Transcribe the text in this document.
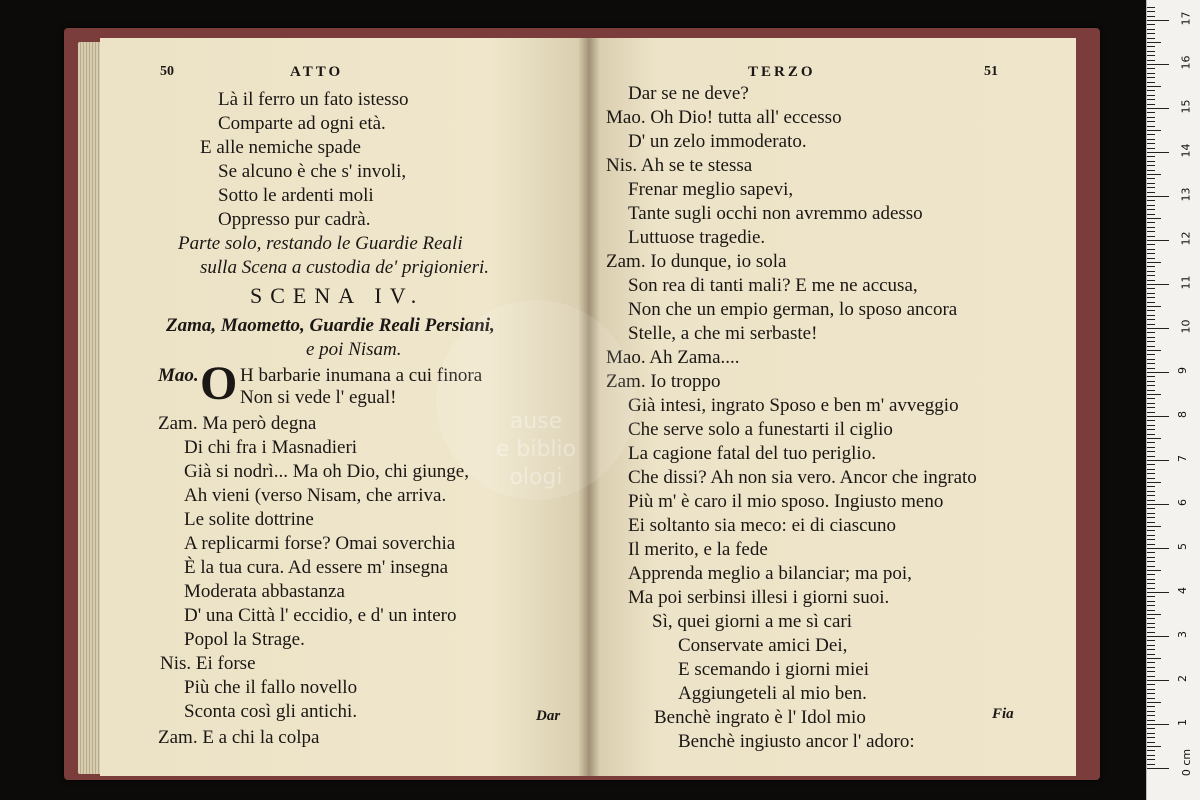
50	ATTO
Là il ferro un fato istesso
Comparte ad ogni età.
E alle nemiche spade
Se alcuno è che s' involi,
Sotto le ardenti moli
Oppresso pur cadrà.
Parte solo, restando le Guardie Reali
sulla Scena a custodia de' prigionieri.
SCENA IV.
Zama, Maometto, Guardie Reali Persiani,
e poi Nisam.
Mao. O H barbarie inumana a cui finora
Non si vede l' egual!
Zam. Ma però degna
Di chi fra i Masnadieri
Già si nodrì... Ma oh Dio, chi giunge,
Ah vieni (verso Nisam, che arriva.
Le solite dottrine
A replicarmi forse? Omai soverchia
È la tua cura. Ad essere m' insegna
Moderata abbastanza
D' una Città l' eccidio, e d' un intero
Popol la Strage.
Nis. Ei forse
Più che il fallo novello
Sconta così gli antichi.
Zam. E a chi la colpa
Dar
TERZO	51
Dar se ne deve?
Mao. Oh Dio! tutta all' eccesso
D' un zelo immoderato.
Nis. Ah se te stessa
Frenar meglio sapevi,
Tante sugli occhi non avremmo adesso
Luttuose tragedie.
Zam. Io dunque, io sola
Son rea di tanti mali? E me ne accusa,
Non che un empio german, lo sposo ancora
Stelle, a che mi serbaste!
Mao. Ah Zama....
Zam. Io troppo
Già intesi, ingrato Sposo e ben m' avveggio
Che serve solo a funestarti il ciglio
La cagione fatal del tuo periglio.
Che dissi? Ah non sia vero. Ancor che ingrato
Più m' è caro il mio sposo. Ingiusto meno
Ei soltanto sia meco: ei di ciascuno
Il merito, e la fede
Apprenda meglio a bilanciar; ma poi,
Ma poi serbinsi illesi i giorni suoi.
Sì, quei giorni a me sì cari
Conservate amici Dei,
E scemando i giorni miei
Aggiungeteli al mio ben.
Benchè ingrato è l' Idol mio
Benchè ingiusto ancor l' adoro:
Fia
ause
e biblio
ologi
0 cm
1
2
3
4
5
6
7
8
9
10
11
12
13
14
15
16
17
